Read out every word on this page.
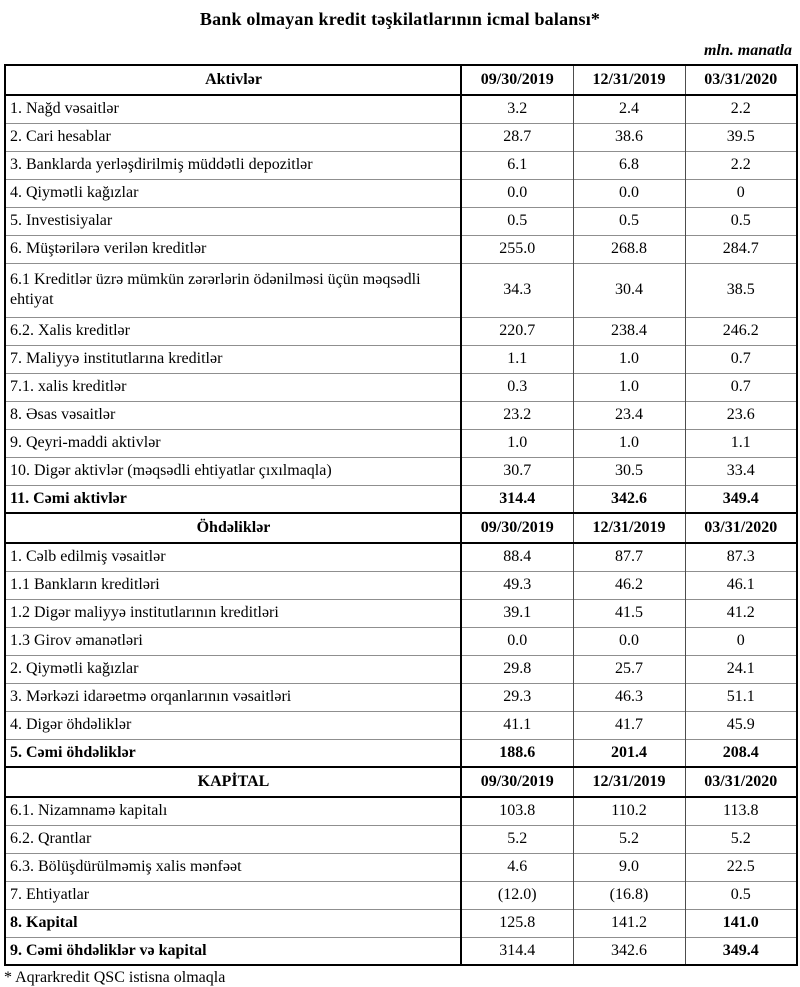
Bank olmayan kredit təşkilatlarının icmal balansı*
mln. manatla
Aktivlər	09/30/2019	12/31/2019	03/31/2020
1. Nağd vəsaitlər	3.2	2.4	2.2
2. Cari hesablar	28.7	38.6	39.5
3. Banklarda yerləşdirilmiş müddətli depozitlər	6.1	6.8	2.2
4. Qiymətli kağızlar	0.0	0.0	0
5. Investisiyalar	0.5	0.5	0.5
6. Müştərilərə verilən kreditlər	255.0	268.8	284.7
6.1 Kreditlər üzrə mümkün zərərlərin ödənilməsi üçün məqsədli ehtiyat	34.3	30.4	38.5
6.2. Xalis kreditlər	220.7	238.4	246.2
7. Maliyyə institutlarına kreditlər	1.1	1.0	0.7
7.1. xalis kreditlər	0.3	1.0	0.7
8. Əsas vəsaitlər	23.2	23.4	23.6
9. Qeyri-maddi aktivlər	1.0	1.0	1.1
10. Digər aktivlər (məqsədli ehtiyatlar çıxılmaqla)	30.7	30.5	33.4
11. Cəmi aktivlər	314.4	342.6	349.4
Öhdəliklər	09/30/2019	12/31/2019	03/31/2020
1. Cəlb edilmiş vəsaitlər	88.4	87.7	87.3
1.1 Bankların kreditləri	49.3	46.2	46.1
1.2 Digər maliyyə institutlarının kreditləri	39.1	41.5	41.2
1.3 Girov əmanətləri	0.0	0.0	0
2. Qiymətli kağızlar	29.8	25.7	24.1
3. Mərkəzi idarəetmə orqanlarının vəsaitləri	29.3	46.3	51.1
4. Digər öhdəliklər	41.1	41.7	45.9
5. Cəmi öhdəliklər	188.6	201.4	208.4
KAPİTAL	09/30/2019	12/31/2019	03/31/2020
6.1. Nizamnamə kapitalı	103.8	110.2	113.8
6.2. Qrantlar	5.2	5.2	5.2
6.3. Bölüşdürülməmiş xalis mənfəət	4.6	9.0	22.5
7. Ehtiyatlar	(12.0)	(16.8)	0.5
8. Kapital	125.8	141.2	141.0
9. Cəmi öhdəliklər və kapital	314.4	342.6	349.4
* Aqrarkredit QSC istisna olmaqla
